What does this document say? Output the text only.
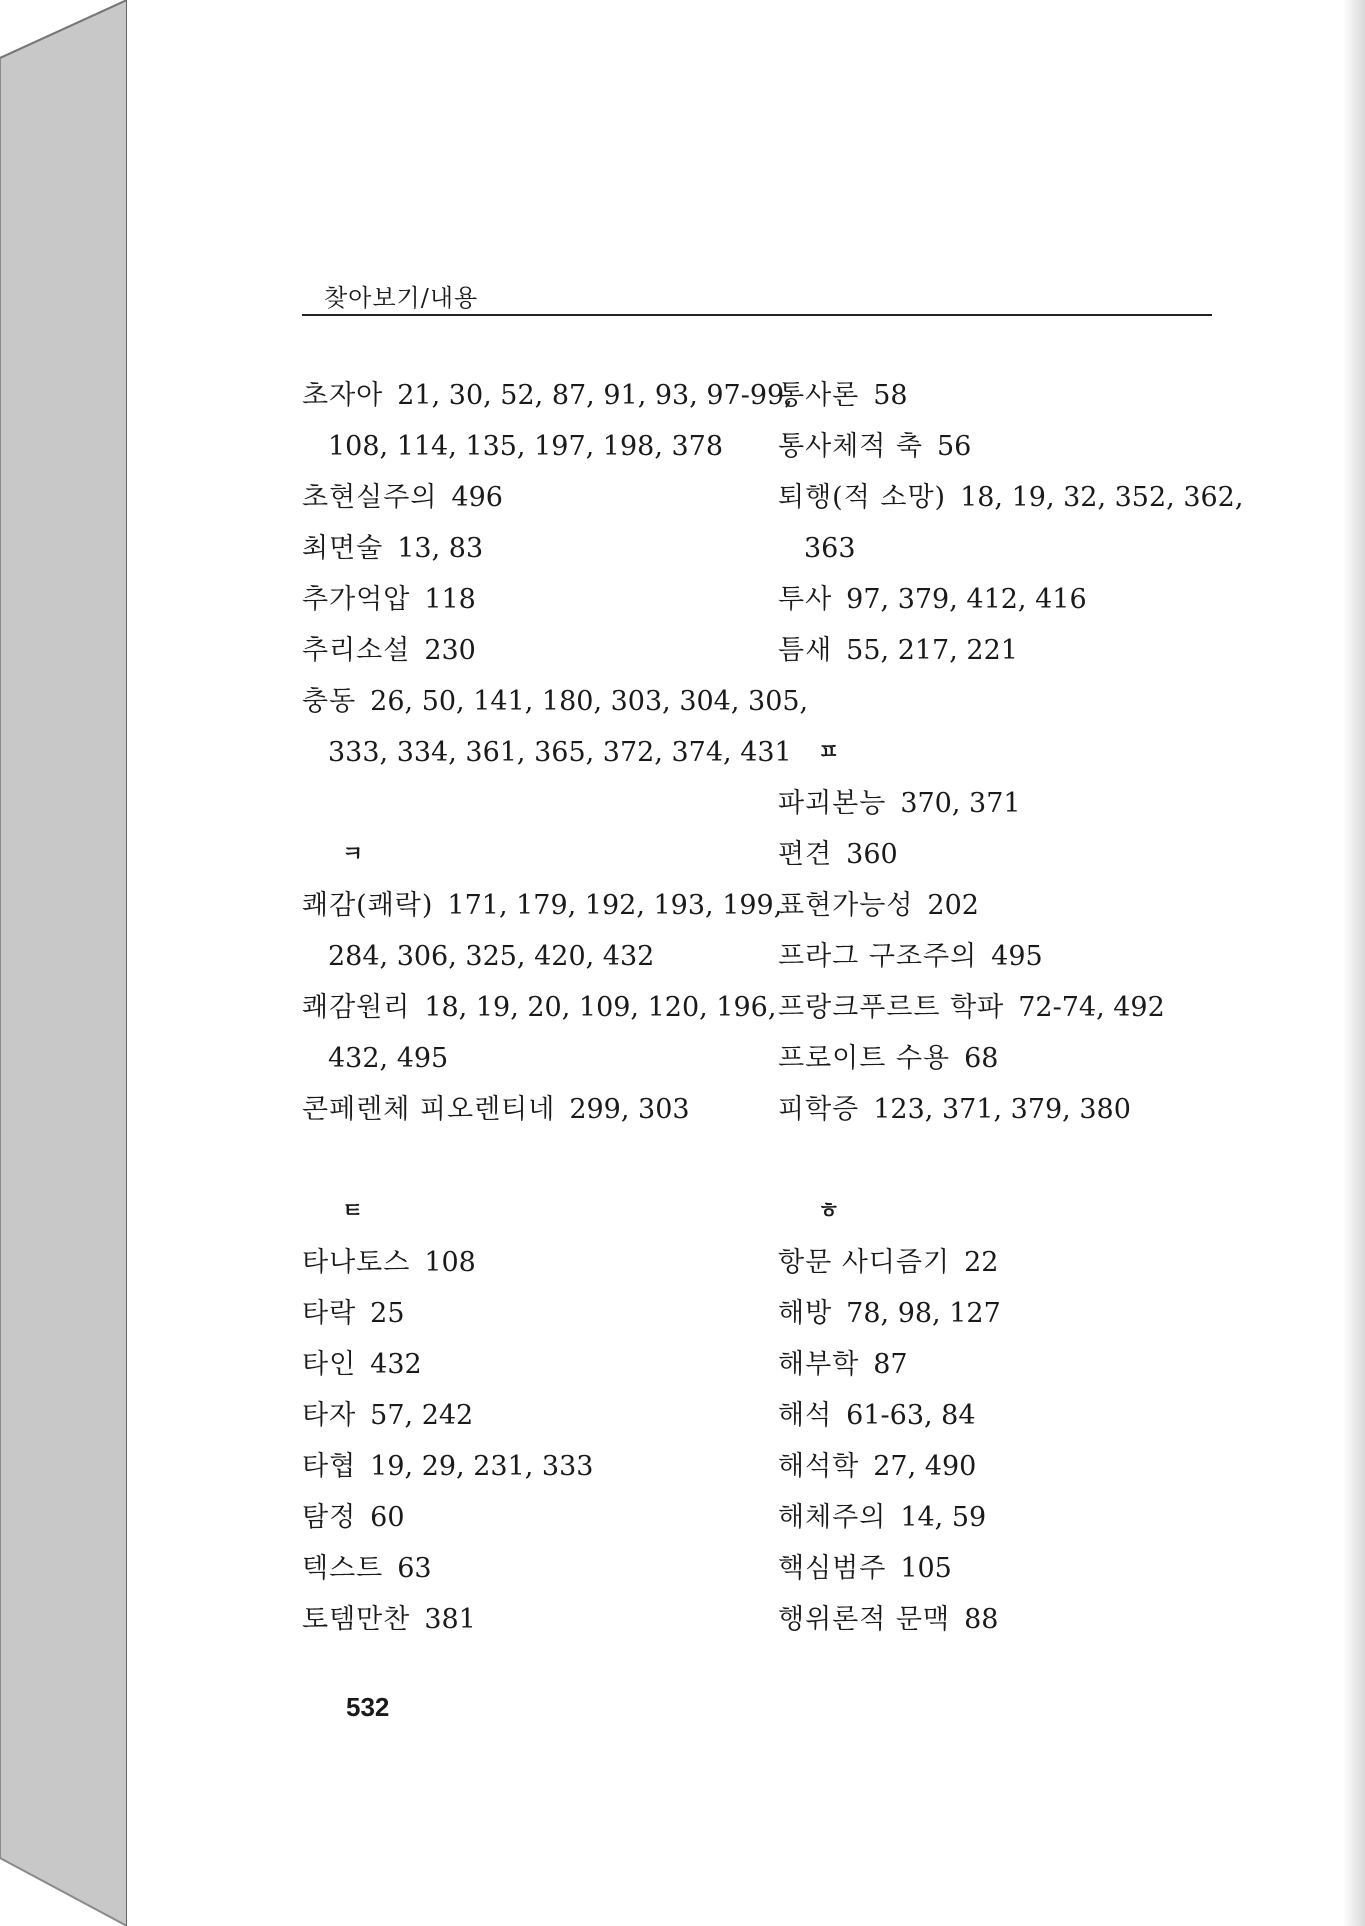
찾아보기/내용
초자아 21, 30, 52, 87, 91, 93, 97-99,
108, 114, 135, 197, 198, 378
초현실주의 496
최면술 13, 83
추가억압 118
추리소설 230
충동 26, 50, 141, 180, 303, 304, 305,
333, 334, 361, 365, 372, 374, 431
ㅋ
쾌감(쾌락) 171, 179, 192, 193, 199,
284, 306, 325, 420, 432
쾌감원리 18, 19, 20, 109, 120, 196,
432, 495
콘페렌체 피오렌티네 299, 303
ㅌ
타나토스 108
타락 25
타인 432
타자 57, 242
타협 19, 29, 231, 333
탐정 60
텍스트 63
토템만찬 381
통사론 58
통사체적 축 56
퇴행(적 소망) 18, 19, 32, 352, 362,
363
투사 97, 379, 412, 416
틈새 55, 217, 221
ㅍ
파괴본능 370, 371
편견 360
표현가능성 202
프라그 구조주의 495
프랑크푸르트 학파 72-74, 492
프로이트 수용 68
피학증 123, 371, 379, 380
ㅎ
항문 사디즘기 22
해방 78, 98, 127
해부학 87
해석 61-63, 84
해석학 27, 490
해체주의 14, 59
핵심범주 105
행위론적 문맥 88
532
